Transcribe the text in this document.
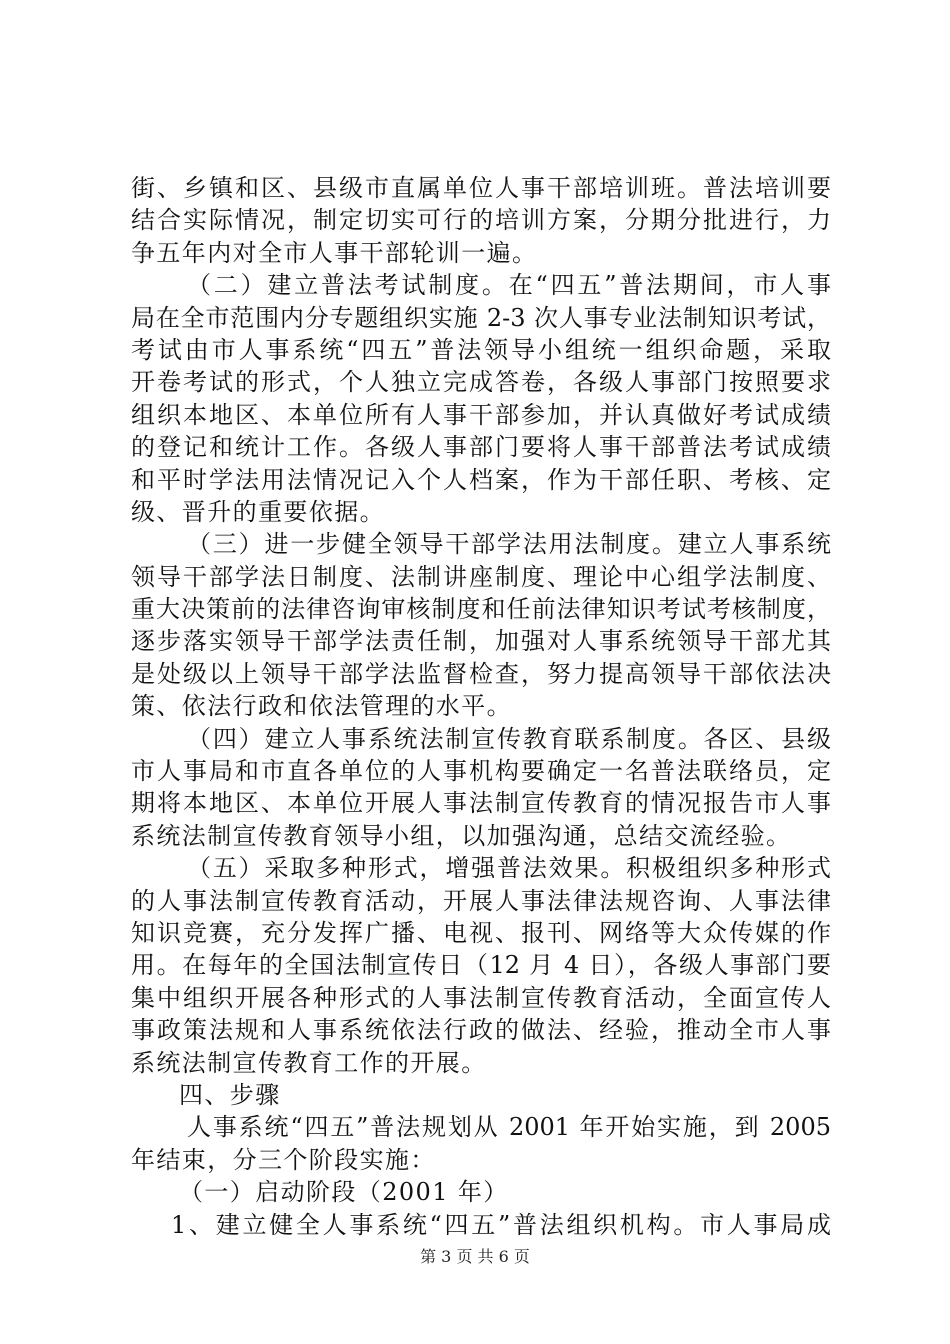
街、乡镇和区、县级市直属单位人事干部培训班。普法培训要
结合实际情况，制定切实可行的培训方案，分期分批进行，力
争五年内对全市人事干部轮训一遍。
（二）建立普法考试制度。在“四五”普法期间，市人事
局在全市范围内分专题组织实施 2-3 次人事专业法制知识考试，
考试由市人事系统“四五”普法领导小组统一组织命题，采取
开卷考试的形式，个人独立完成答卷，各级人事部门按照要求
组织本地区、本单位所有人事干部参加，并认真做好考试成绩
的登记和统计工作。各级人事部门要将人事干部普法考试成绩
和平时学法用法情况记入个人档案，作为干部任职、考核、定
级、晋升的重要依据。
（三）进一步健全领导干部学法用法制度。建立人事系统
领导干部学法日制度、法制讲座制度、理论中心组学法制度、
重大决策前的法律咨询审核制度和任前法律知识考试考核制度，
逐步落实领导干部学法责任制，加强对人事系统领导干部尤其
是处级以上领导干部学法监督检查，努力提高领导干部依法决
策、依法行政和依法管理的水平。
（四）建立人事系统法制宣传教育联系制度。各区、县级
市人事局和市直各单位的人事机构要确定一名普法联络员，定
期将本地区、本单位开展人事法制宣传教育的情况报告市人事
系统法制宣传教育领导小组，以加强沟通，总结交流经验。
（五）采取多种形式，增强普法效果。积极组织多种形式
的人事法制宣传教育活动，开展人事法律法规咨询、人事法律
知识竞赛，充分发挥广播、电视、报刊、网络等大众传媒的作
用。在每年的全国法制宣传日（12 月 4 日），各级人事部门要
集中组织开展各种形式的人事法制宣传教育活动，全面宣传人
事政策法规和人事系统依法行政的做法、经验，推动全市人事
系统法制宣传教育工作的开展。
四、步骤
人事系统“四五”普法规划从 2001 年开始实施，到 2005
年结束，分三个阶段实施：
（一）启动阶段（2001 年）
1、建立健全人事系统“四五”普法组织机构。市人事局成
第 3 页 共 6 页
